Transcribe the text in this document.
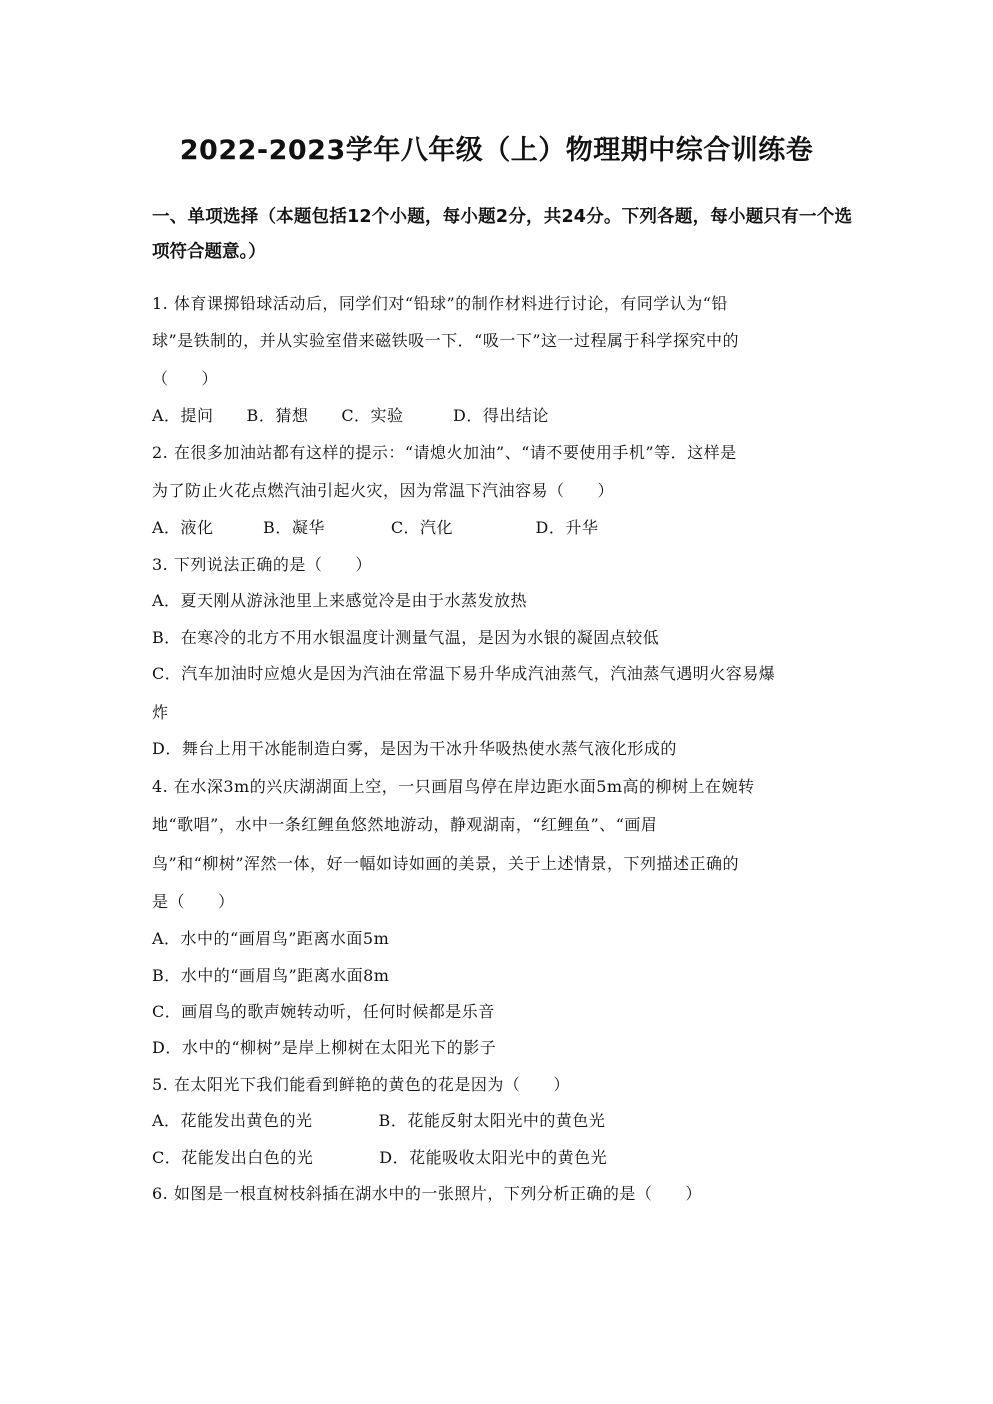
2022-2023学年八年级（上）物理期中综合训练卷
一、单项选择（本题包括12个小题，每小题2分，共24分。下列各题，每小题只有一个选项符合题意。）
1. 体育课掷铅球活动后，同学们对“铅球”的制作材料进行讨论，有同学认为“铅
球”是铁制的，并从实验室借来磁铁吸一下．“吸一下”这一过程属于科学探究中的
（　　）
A．提问　　B．猜想　　C．实验　　　D．得出结论
2. 在很多加油站都有这样的提示：“请熄火加油”、“请不要使用手机”等．这样是
为了防止火花点燃汽油引起火灾，因为常温下汽油容易（　　）
A．液化　　　B．凝华　　　　C．汽化　　　　　D．升华
3. 下列说法正确的是（　　）
A．夏天刚从游泳池里上来感觉冷是由于水蒸发放热
B．在寒冷的北方不用水银温度计测量气温，是因为水银的凝固点较低
C．汽车加油时应熄火是因为汽油在常温下易升华成汽油蒸气，汽油蒸气遇明火容易爆
炸
D．舞台上用干冰能制造白雾，是因为干冰升华吸热使水蒸气液化形成的
4. 在水深3m的兴庆湖湖面上空，一只画眉鸟停在岸边距水面5m高的柳树上在婉转
地“歌唱”，水中一条红鲤鱼悠然地游动，静观湖南，“红鲤鱼”、“画眉
鸟”和“柳树”浑然一体，好一幅如诗如画的美景，关于上述情景，下列描述正确的
是（　　）
A．水中的“画眉鸟”距离水面5m
B．水中的“画眉鸟”距离水面8m
C．画眉鸟的歌声婉转动听，任何时候都是乐音
D．水中的“柳树”是岸上柳树在太阳光下的影子
5. 在太阳光下我们能看到鲜艳的黄色的花是因为（　　）
A．花能发出黄色的光　　　　B．花能反射太阳光中的黄色光
C．花能发出白色的光　　　　D．花能吸收太阳光中的黄色光
6. 如图是一根直树枝斜插在湖水中的一张照片，下列分析正确的是（　　）
